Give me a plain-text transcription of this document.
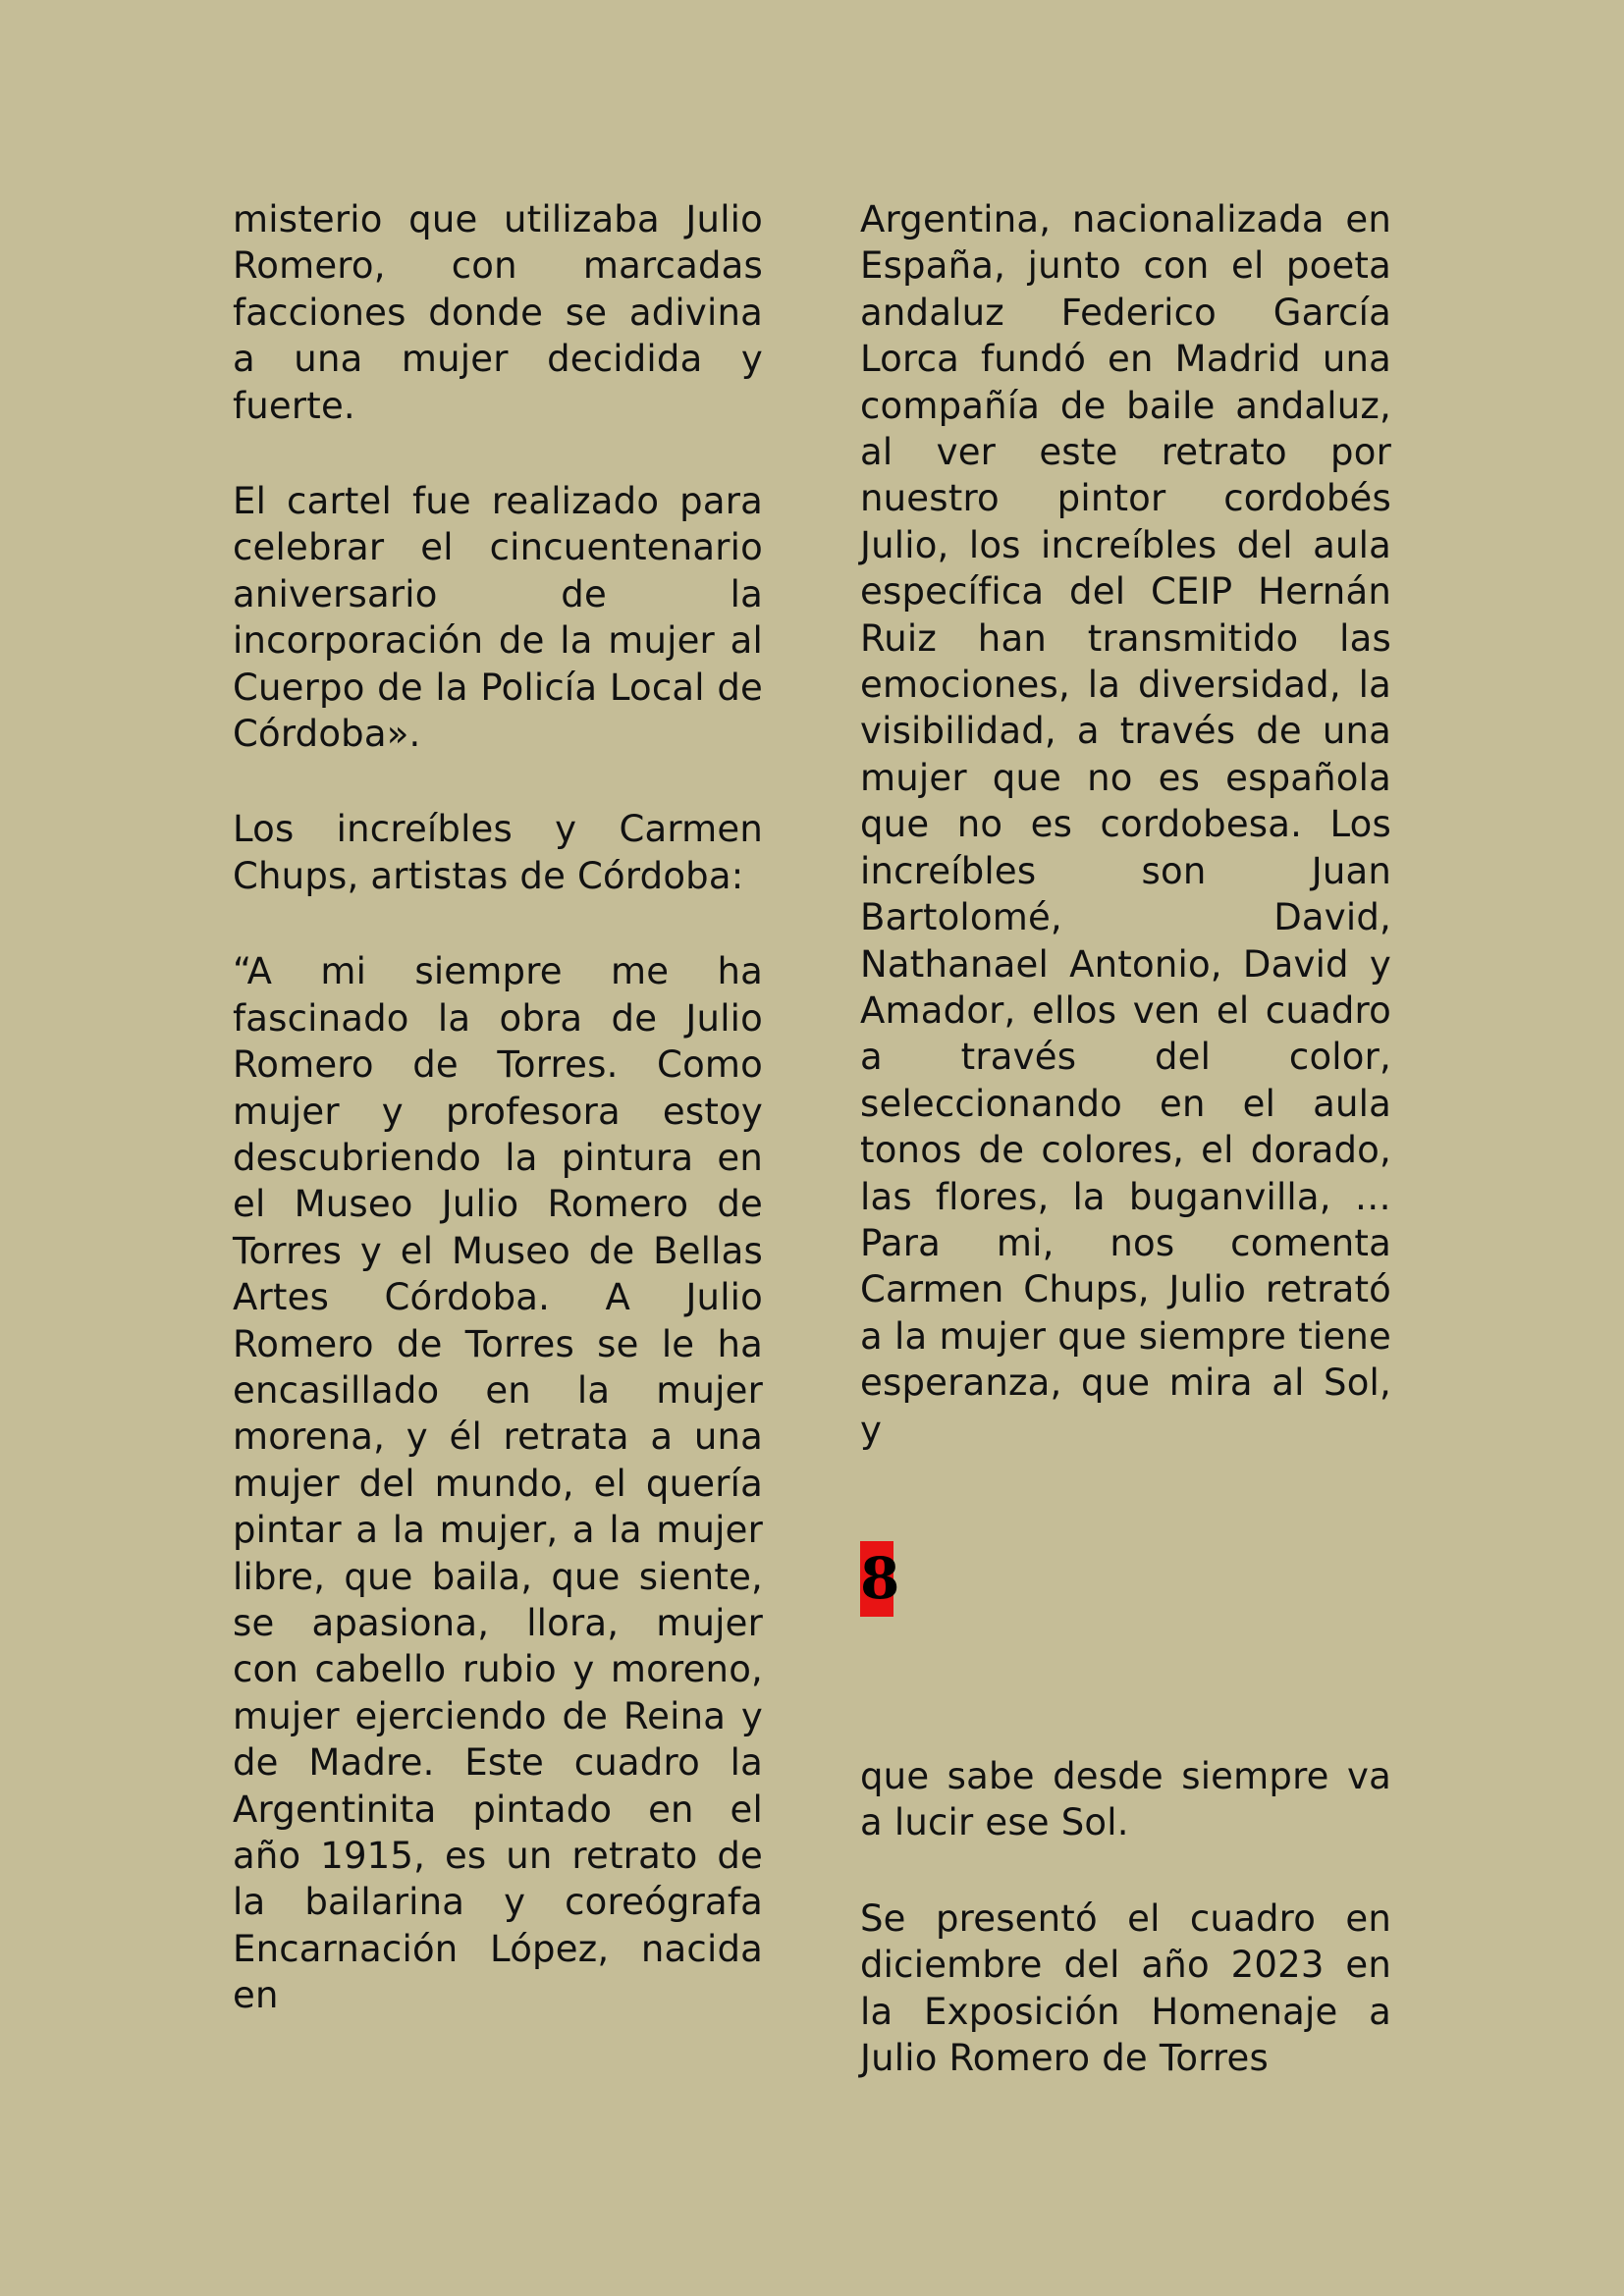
misterio que utilizaba Julio Romero, con marcadas facciones donde se adivina a una mujer decidida y fuerte.

El cartel fue realizado para celebrar el cincuentenario aniversario de la incorporación de la mujer al Cuerpo de la Policía Local de Córdoba».

Los increíbles y Carmen Chups, artistas de Córdoba:

“A mi siempre me ha fascinado la obra de Julio Romero de Torres. Como mujer y profesora estoy descubriendo la pintura en el Museo Julio Romero de Torres y el Museo de Bellas Artes Córdoba. A Julio Romero de Torres se le ha encasillado en la mujer morena, y él retrata a una mujer del mundo, el quería pintar a la mujer, a la mujer libre, que baila, que siente, se apasiona, llora, mujer con cabello rubio y moreno, mujer ejerciendo de Reina y de Madre. Este cuadro la Argentinita pintado en el año 1915, es un retrato de la bailarina y coreógrafa Encarnación López, nacida en

Argentina, nacionalizada en España, junto con el poeta andaluz Federico García Lorca fundó en Madrid una compañía de baile andaluz, al ver este retrato por nuestro pintor cordobés Julio, los increíbles del aula específica del CEIP Hernán Ruiz han transmitido las emociones, la diversidad, la visibilidad, a través de una mujer que no es española que no es cordobesa. Los increíbles son Juan Bartolomé, David, Nathanael Antonio, David y Amador, ellos ven el cuadro a través del color, seleccionando en el aula tonos de colores, el dorado, las flores, la buganvilla, … Para mi, nos comenta Carmen Chups, Julio retrató a la mujer que siempre tiene esperanza, que mira al Sol, y

8

que sabe desde siempre va a lucir ese Sol.

Se presentó el cuadro en diciembre del año 2023 en la Exposición Homenaje a Julio Romero de Torres
